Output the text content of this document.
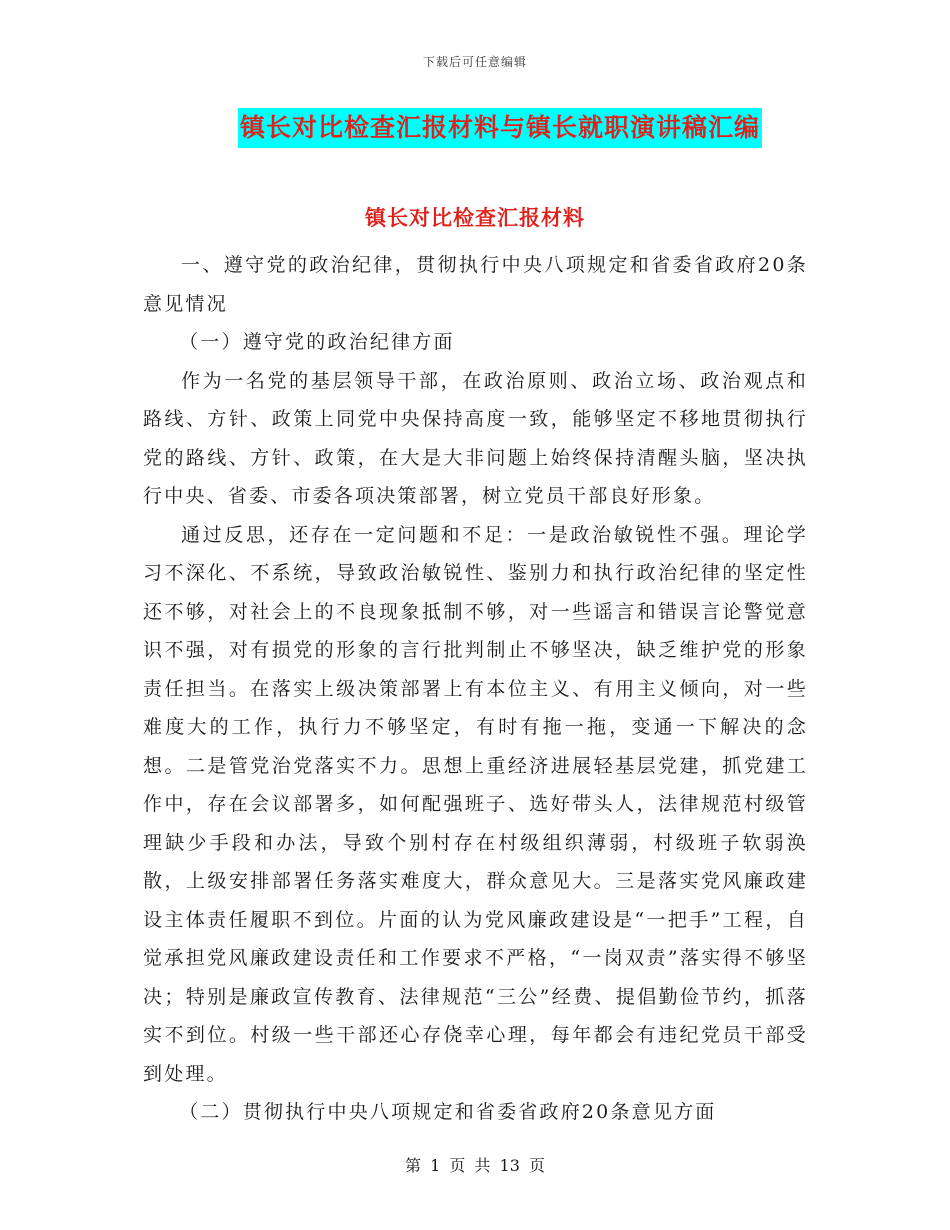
下载后可任意编辑
镇长对比检查汇报材料与镇长就职演讲稿汇编
镇长对比检查汇报材料

一、遵守党的政治纪律，贯彻执行中央八项规定和省委省政府20条意见情况

（一）遵守党的政治纪律方面

作为一名党的基层领导干部，在政治原则、政治立场、政治观点和路线、方针、政策上同党中央保持高度一致，能够坚定不移地贯彻执行党的路线、方针、政策，在大是大非问题上始终保持清醒头脑，坚决执行中央、省委、市委各项决策部署，树立党员干部良好形象。

通过反思，还存在一定问题和不足：一是政治敏锐性不强。理论学习不深化、不系统，导致政治敏锐性、鉴别力和执行政治纪律的坚定性还不够，对社会上的不良现象抵制不够，对一些谣言和错误言论警觉意识不强，对有损党的形象的言行批判制止不够坚决，缺乏维护党的形象责任担当。在落实上级决策部署上有本位主义、有用主义倾向，对一些难度大的工作，执行力不够坚定，有时有拖一拖，变通一下解决的念想。二是管党治党落实不力。思想上重经济进展轻基层党建，抓党建工作中，存在会议部署多，如何配强班子、选好带头人，法律规范村级管理缺少手段和办法，导致个别村存在村级组织薄弱，村级班子软弱涣散，上级安排部署任务落实难度大，群众意见大。三是落实党风廉政建设主体责任履职不到位。片面的认为党风廉政建设是“一把手”工程，自觉承担党风廉政建设责任和工作要求不严格，“一岗双责”落实得不够坚决；特别是廉政宣传教育、法律规范“三公”经费、提倡勤俭节约，抓落实不到位。村级一些干部还心存侥幸心理，每年都会有违纪党员干部受到处理。

（二）贯彻执行中央八项规定和省委省政府20条意见方面

第 1 页 共 13 页
